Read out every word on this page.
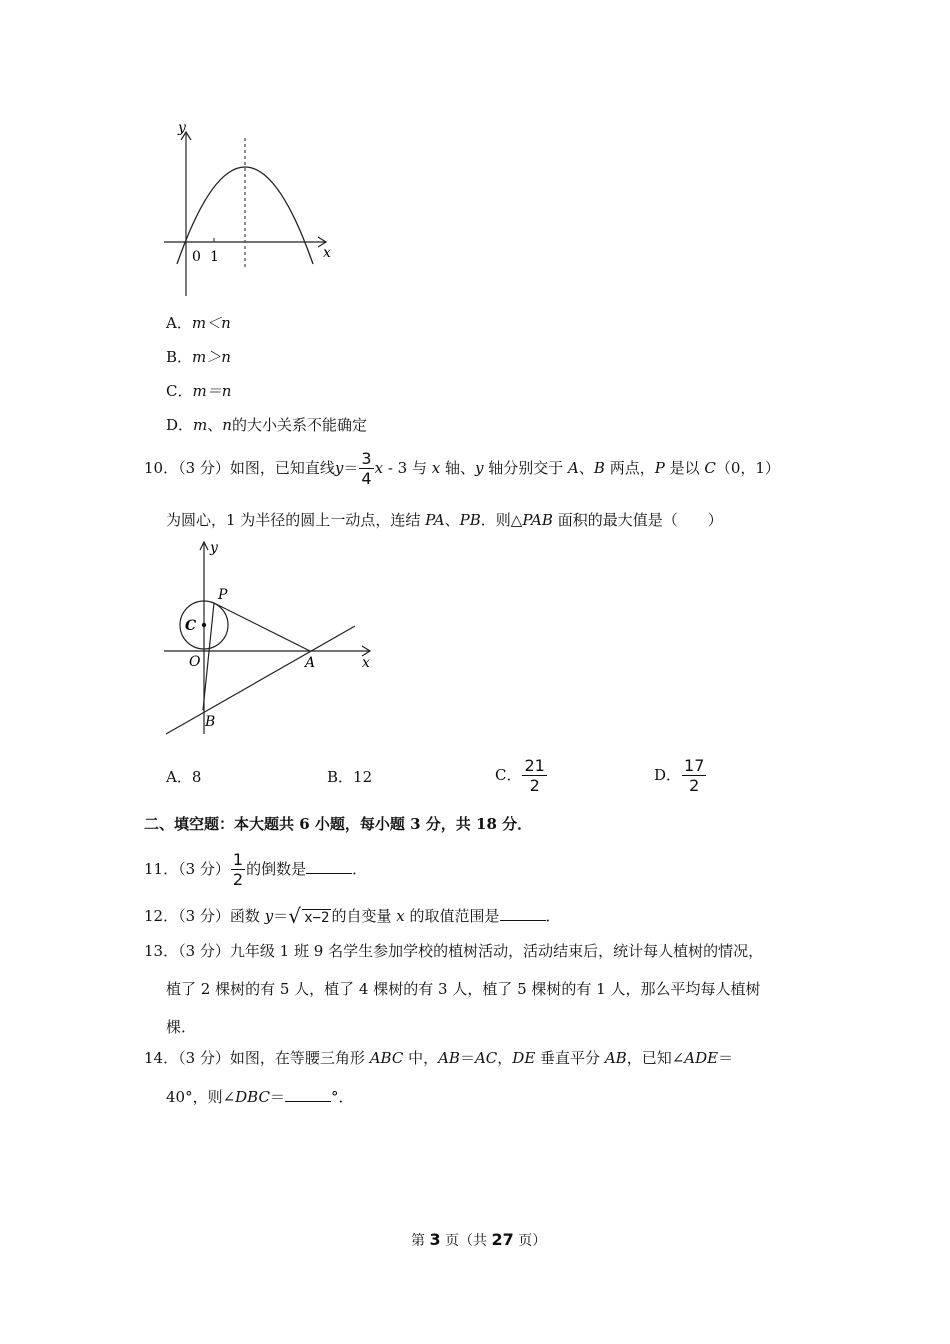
y
x
0 1
A．m＜n
B．m＞n
C．m＝n
D．m、n的大小关系不能确定
10．（3 分）如图，已知直线$y= \frac{3}{4}$ x - 3 与 x 轴、y 轴分别交于 A、B 两点，P 是以 C（0，1）
为圆心，1 为半径的圆上一动点，连结 PA、PB．则△PAB 面积的最大值是（　　）
y
x
P
C
O	A
B
A．8	B．12	C． $\frac{21}{2}$	D． $\frac{17}{2}$
二、填空题：本大题共 6 小题，每小题 3 分，共 18 分．
11．（3 分） $\frac{1}{2}$ 的倒数是	．
12．（3 分）函数 y＝ √ x−2 的自变量 x 的取值范围是	．
13．（3 分）九年级 1 班 9 名学生参加学校的植树活动，活动结束后，统计每人植树的情况，
植了 2 棵树的有 5 人，植了 4 棵树的有 3 人，植了 5 棵树的有 1 人，那么平均每人植树
棵．
14．（3 分）如图，在等腰三角形 ABC 中，AB＝AC，DE 垂直平分 AB，已知∠ADE＝
40°，则∠DBC＝	°．
第 3 页（共 27 页）
